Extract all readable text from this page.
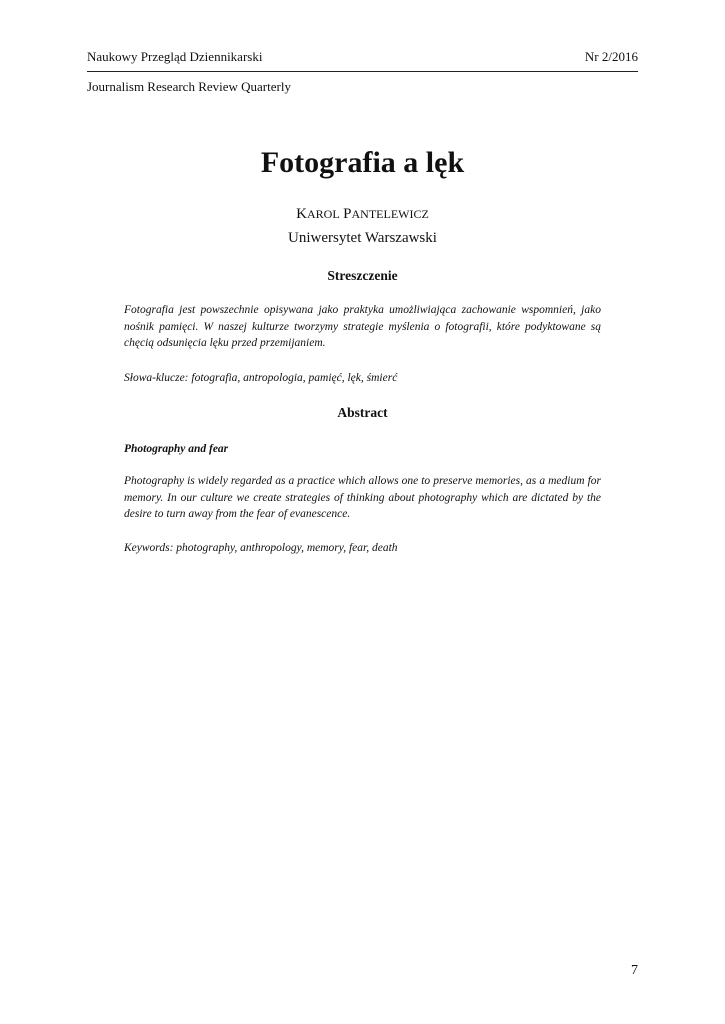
Naukowy Przegląd Dziennikarski	Nr 2/2016
Journalism Research Review Quarterly
Fotografia a lęk
KAROL PANTELEWICZ
Uniwersytet Warszawski
Streszczenie
Fotografia jest powszechnie opisywana jako praktyka umożliwiająca zachowanie wspomnień, jako nośnik pamięci. W naszej kulturze tworzymy strategie myślenia o fotografii, które podyktowane są chęcią odsunięcia lęku przed przemijaniem.
Słowa-klucze: fotografia, antropologia, pamięć, lęk, śmierć
Abstract
Photography and fear
Photography is widely regarded as a practice which allows one to preserve memories, as a medium for memory. In our culture we create strategies of thinking about photography which are dictated by the desire to turn away from the fear of evanescence.
Keywords: photography, anthropology, memory, fear, death
7
